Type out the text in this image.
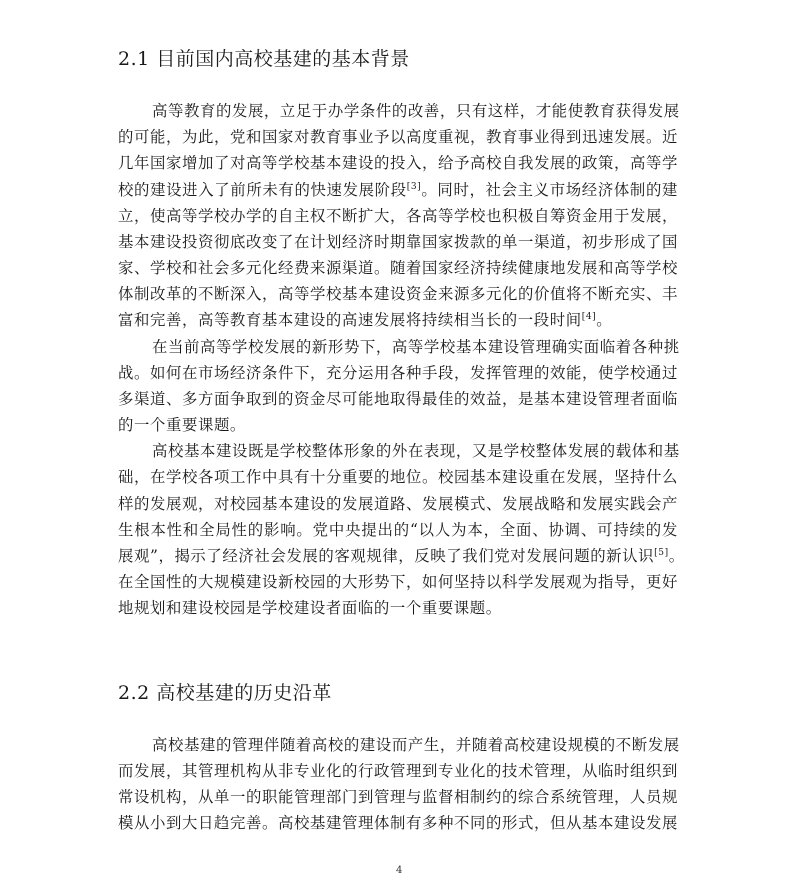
2.1 目前国内高校基建的基本背景
高等教育的发展，立足于办学条件的改善，只有这样，才能使教育获得发展
的可能，为此，党和国家对教育事业予以高度重视，教育事业得到迅速发展。近
几年国家增加了对高等学校基本建设的投入，给予高校自我发展的政策，高等学
校的建设进入了前所未有的快速发展阶段[3]。同时，社会主义市场经济体制的建
立，使高等学校办学的自主权不断扩大，各高等学校也积极自筹资金用于发展，
基本建设投资彻底改变了在计划经济时期靠国家拨款的单一渠道，初步形成了国
家、学校和社会多元化经费来源渠道。随着国家经济持续健康地发展和高等学校
体制改革的不断深入，高等学校基本建设资金来源多元化的价值将不断充实、丰
富和完善，高等教育基本建设的高速发展将持续相当长的一段时间[4]。
在当前高等学校发展的新形势下，高等学校基本建设管理确实面临着各种挑
战。如何在市场经济条件下，充分运用各种手段，发挥管理的效能，使学校通过
多渠道、多方面争取到的资金尽可能地取得最佳的效益，是基本建设管理者面临
的一个重要课题。
高校基本建设既是学校整体形象的外在表现，又是学校整体发展的载体和基
础，在学校各项工作中具有十分重要的地位。校园基本建设重在发展，坚持什么
样的发展观，对校园基本建设的发展道路、发展模式、发展战略和发展实践会产
生根本性和全局性的影响。党中央提出的“以人为本，全面、协调、可持续的发
展观”，揭示了经济社会发展的客观规律，反映了我们党对发展问题的新认识[5]。
在全国性的大规模建设新校园的大形势下，如何坚持以科学发展观为指导，更好
地规划和建设校园是学校建设者面临的一个重要课题。
2.2 高校基建的历史沿革
高校基建的管理伴随着高校的建设而产生，并随着高校建设规模的不断发展
而发展，其管理机构从非专业化的行政管理到专业化的技术管理，从临时组织到
常设机构，从单一的职能管理部门到管理与监督相制约的综合系统管理，人员规
模从小到大日趋完善。高校基建管理体制有多种不同的形式，但从基本建设发展
4
